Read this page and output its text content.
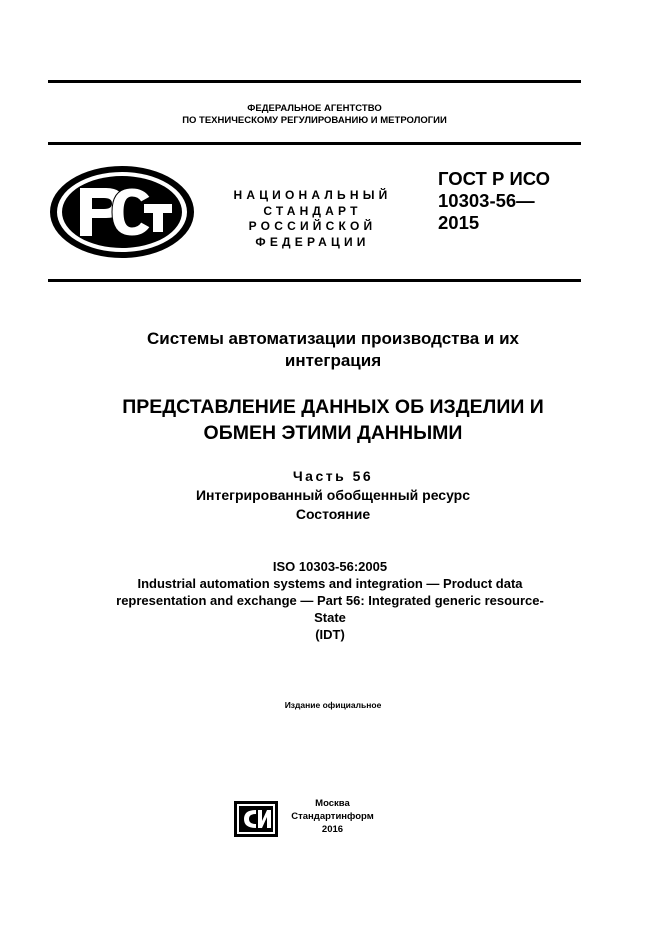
ФЕДЕРАЛЬНОЕ АГЕНТСТВО
ПО ТЕХНИЧЕСКОМУ РЕГУЛИРОВАНИЮ И МЕТРОЛОГИИ
НАЦИОНАЛЬНЫЙ
СТАНДАРТ
РОССИЙСКОЙ
ФЕДЕРАЦИИ
ГОСТ Р ИСО
10303-56—
2015
Системы автоматизации производства и их
интеграция
ПРЕДСТАВЛЕНИЕ ДАННЫХ ОБ ИЗДЕЛИИ И
ОБМЕН ЭТИМИ ДАННЫМИ
Часть 56
Интегрированный обобщенный ресурс
Состояние
ISO 10303-56:2005
Industrial automation systems and integration — Product data
representation and exchange — Part 56: Integrated generic resource-
State
(IDT)
Издание официальное
Москва
Стандартинформ
2016
